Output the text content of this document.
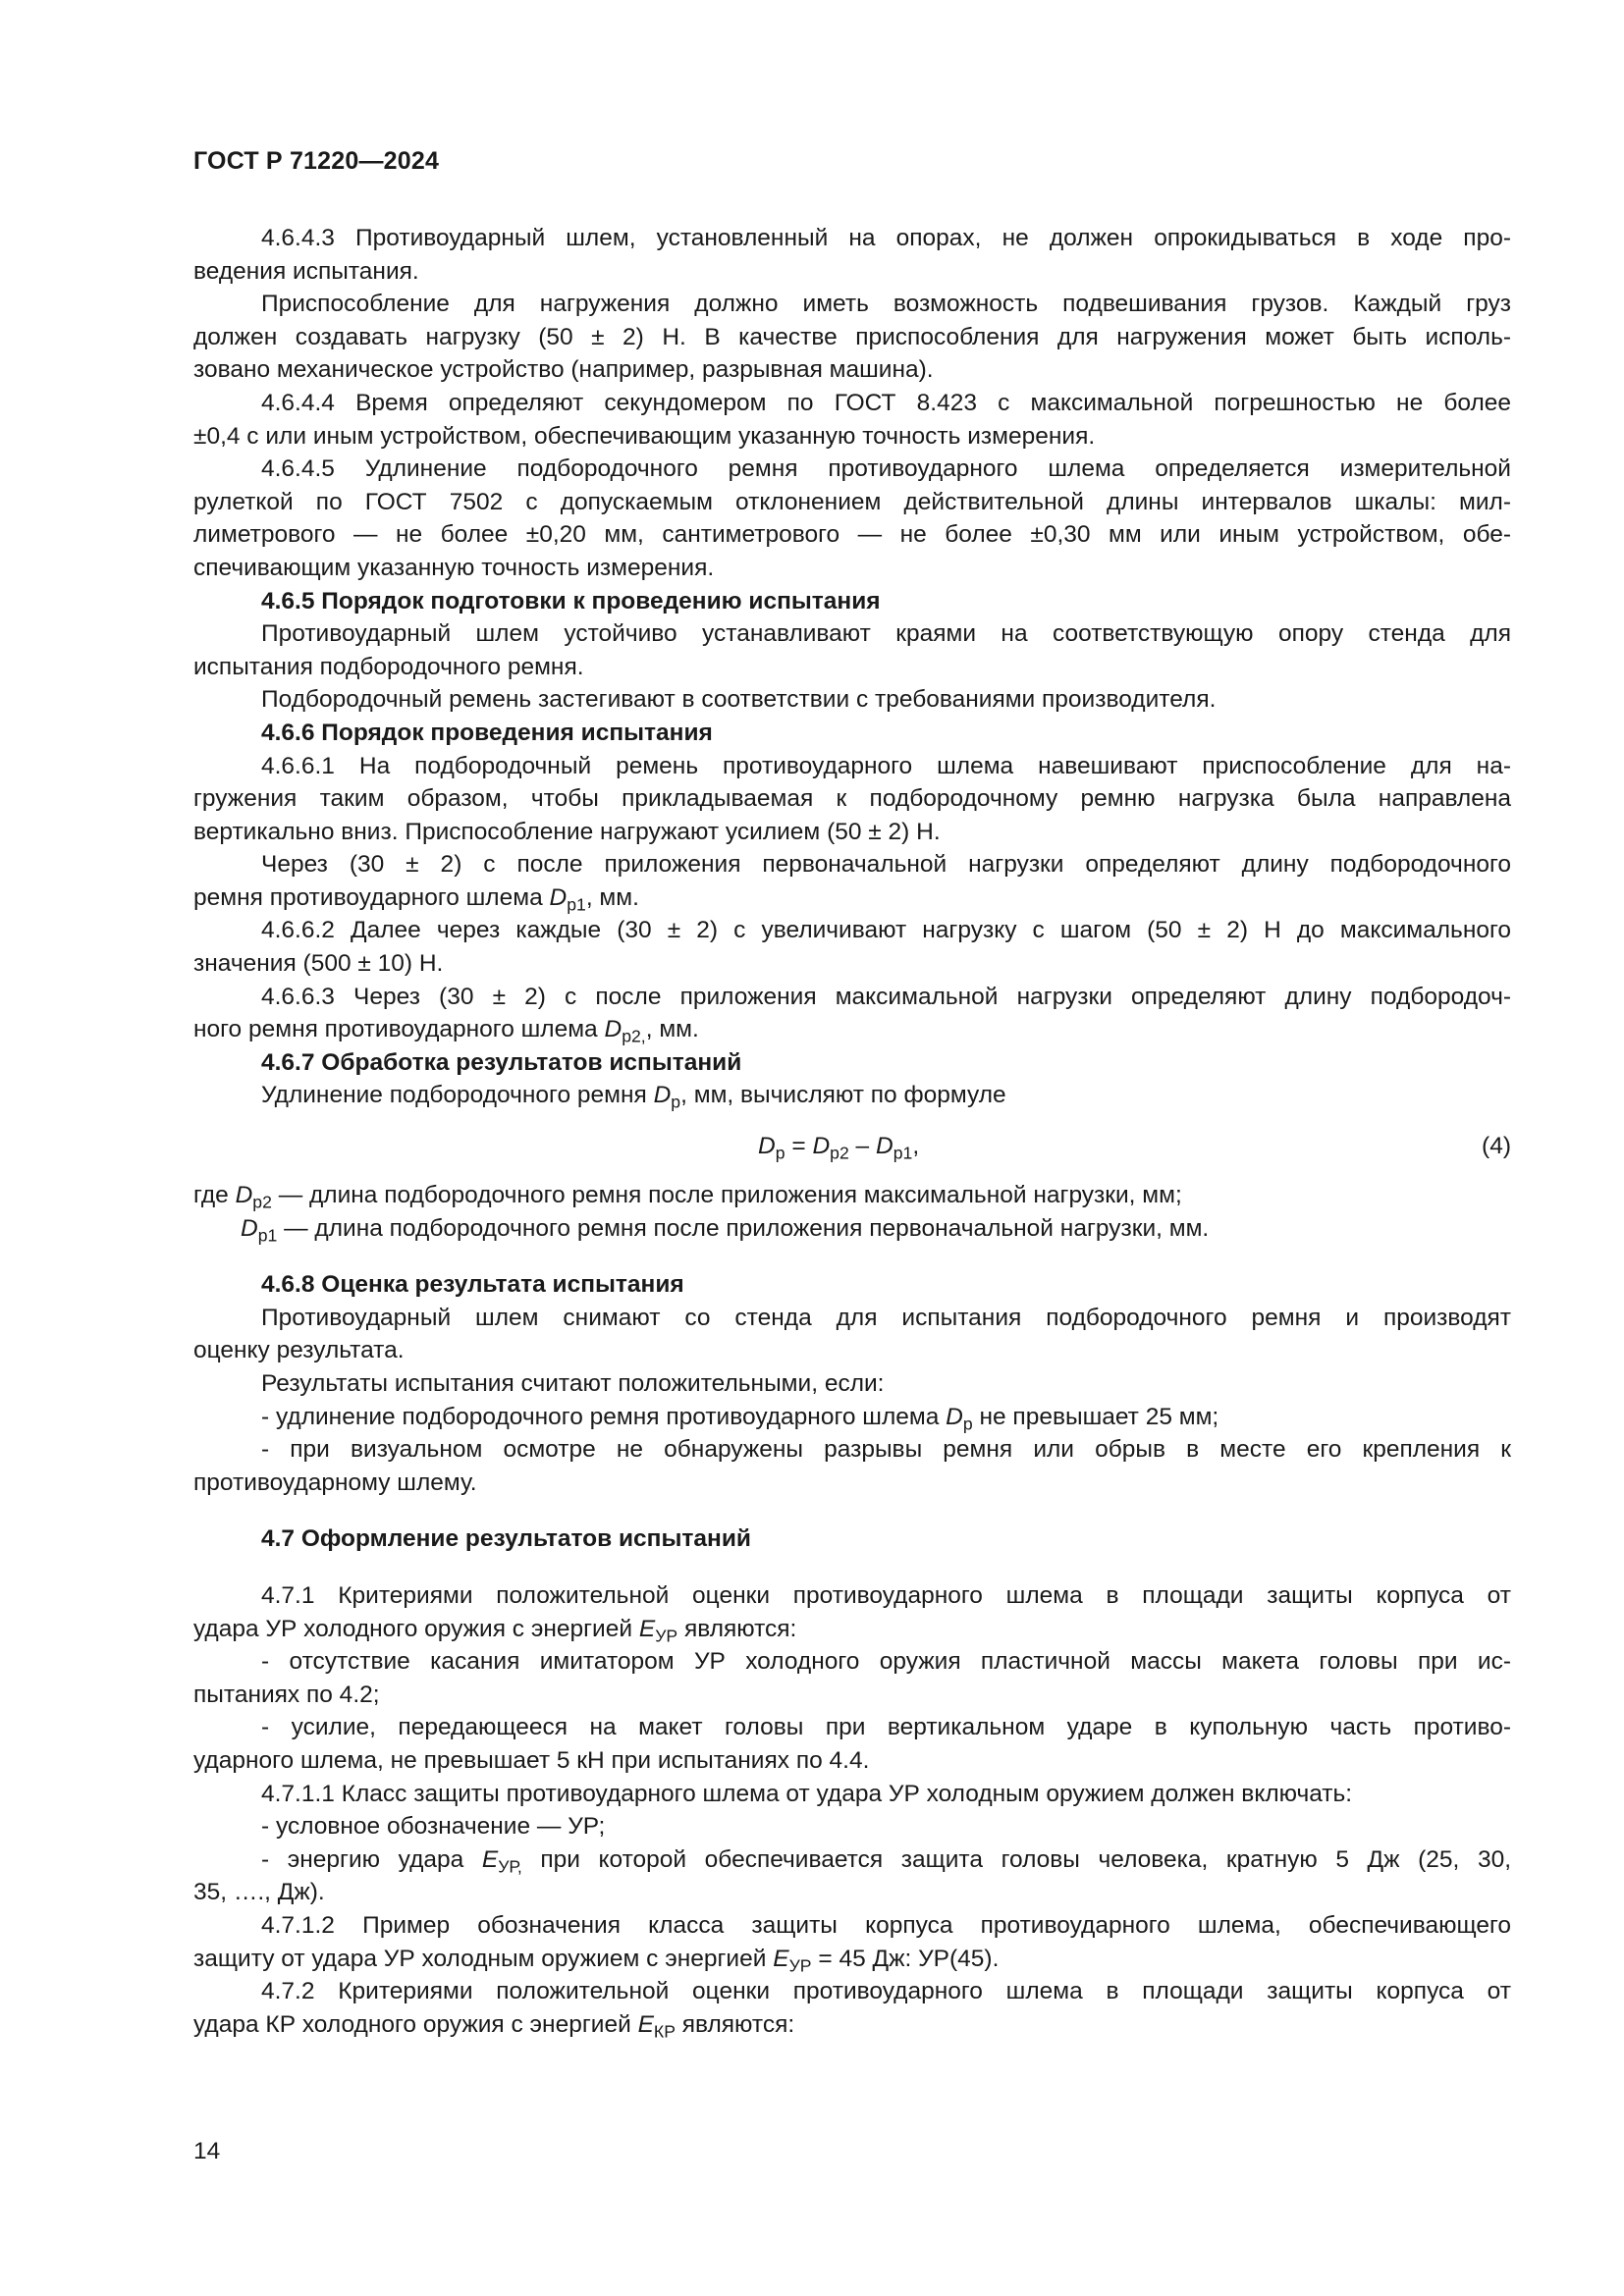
ГОСТ Р 71220—2024

4.6.4.3 Противоударный шлем, установленный на опорах, не должен опрокидываться в ходе про-

ведения испытания.

Приспособление для нагружения должно иметь возможность подвешивания грузов. Каждый груз

должен создавать нагрузку (50 ± 2) Н. В качестве приспособления для нагружения может быть исполь-

зовано механическое устройство (например, разрывная машина).

4.6.4.4 Время определяют секундомером по ГОСТ 8.423 с максимальной погрешностью не более

±0,4 с или иным устройством, обеспечивающим указанную точность измерения.

4.6.4.5 Удлинение подбородочного ремня противоударного шлема определяется измерительной

рулеткой по ГОСТ 7502 с допускаемым отклонением действительной длины интервалов шкалы: мил-

лиметрового — не более ±0,20 мм, сантиметрового — не более ±0,30 мм или иным устройством, обе-

спечивающим указанную точность измерения.

4.6.5 Порядок подготовки к проведению испытания

Противоударный шлем устойчиво устанавливают краями на соответствующую опору стенда для

испытания подбородочного ремня.

Подбородочный ремень застегивают в соответствии с требованиями производителя.

4.6.6 Порядок проведения испытания

4.6.6.1 На подбородочный ремень противоударного шлема навешивают приспособление для на-

гружения таким образом, чтобы прикладываемая к подбородочному ремню нагрузка была направлена

вертикально вниз. Приспособление нагружают усилием (50 ± 2) Н.

Через (30 ± 2) с после приложения первоначальной нагрузки определяют длину подбородочного

ремня противоударного шлема $D_{p1}$, мм.

4.6.6.2 Далее через каждые (30 ± 2) с увеличивают нагрузку с шагом (50 ± 2) Н до максимального

значения (500 ± 10) Н.

4.6.6.3 Через (30 ± 2) с после приложения максимальной нагрузки определяют длину подбородоч-

ного ремня противоударного шлема $D_{p2,}$, мм.

4.6.7 Обработка результатов испытаний

Удлинение подбородочного ремня $D_p$, мм, вычисляют по формуле

$D_p = D_{p2} - D_{p1}$,	(4)

где $D_{p2}$ — длина подбородочного ремня после приложения максимальной нагрузки, мм;

$D_{p1}$ — длина подбородочного ремня после приложения первоначальной нагрузки, мм.

4.6.8 Оценка результата испытания

Противоударный шлем снимают со стенда для испытания подбородочного ремня и производят

оценку результата.

Результаты испытания считают положительными, если:

- удлинение подбородочного ремня противоударного шлема $D_p$ не превышает 25 мм;

- при визуальном осмотре не обнаружены разрывы ремня или обрыв в месте его крепления к

противоударному шлему.

4.7 Оформление результатов испытаний

4.7.1 Критериями положительной оценки противоударного шлема в площади защиты корпуса от

удара УР холодного оружия с энергией $E_{УР}$ являются:

- отсутствие касания имитатором УР холодного оружия пластичной массы макета головы при ис-

пытаниях по 4.2;

- усилие, передающееся на макет головы при вертикальном ударе в купольную часть противо-

ударного шлема, не превышает 5 кН при испытаниях по 4.4.

4.7.1.1 Класс защиты противоударного шлема от удара УР холодным оружием должен включать:

- условное обозначение — УР;

- энергию удара $E_{УР,}$ при которой обеспечивается защита головы человека, кратную 5 Дж (25, 30,

35, …., Дж).

4.7.1.2 Пример обозначения класса защиты корпуса противоударного шлема, обеспечивающего

защиту от удара УР холодным оружием с энергией $E_{УР} = 45$ Дж: УР(45).

4.7.2 Критериями положительной оценки противоударного шлема в площади защиты корпуса от

удара КР холодного оружия с энергией $E_{КР}$ являются:

14
